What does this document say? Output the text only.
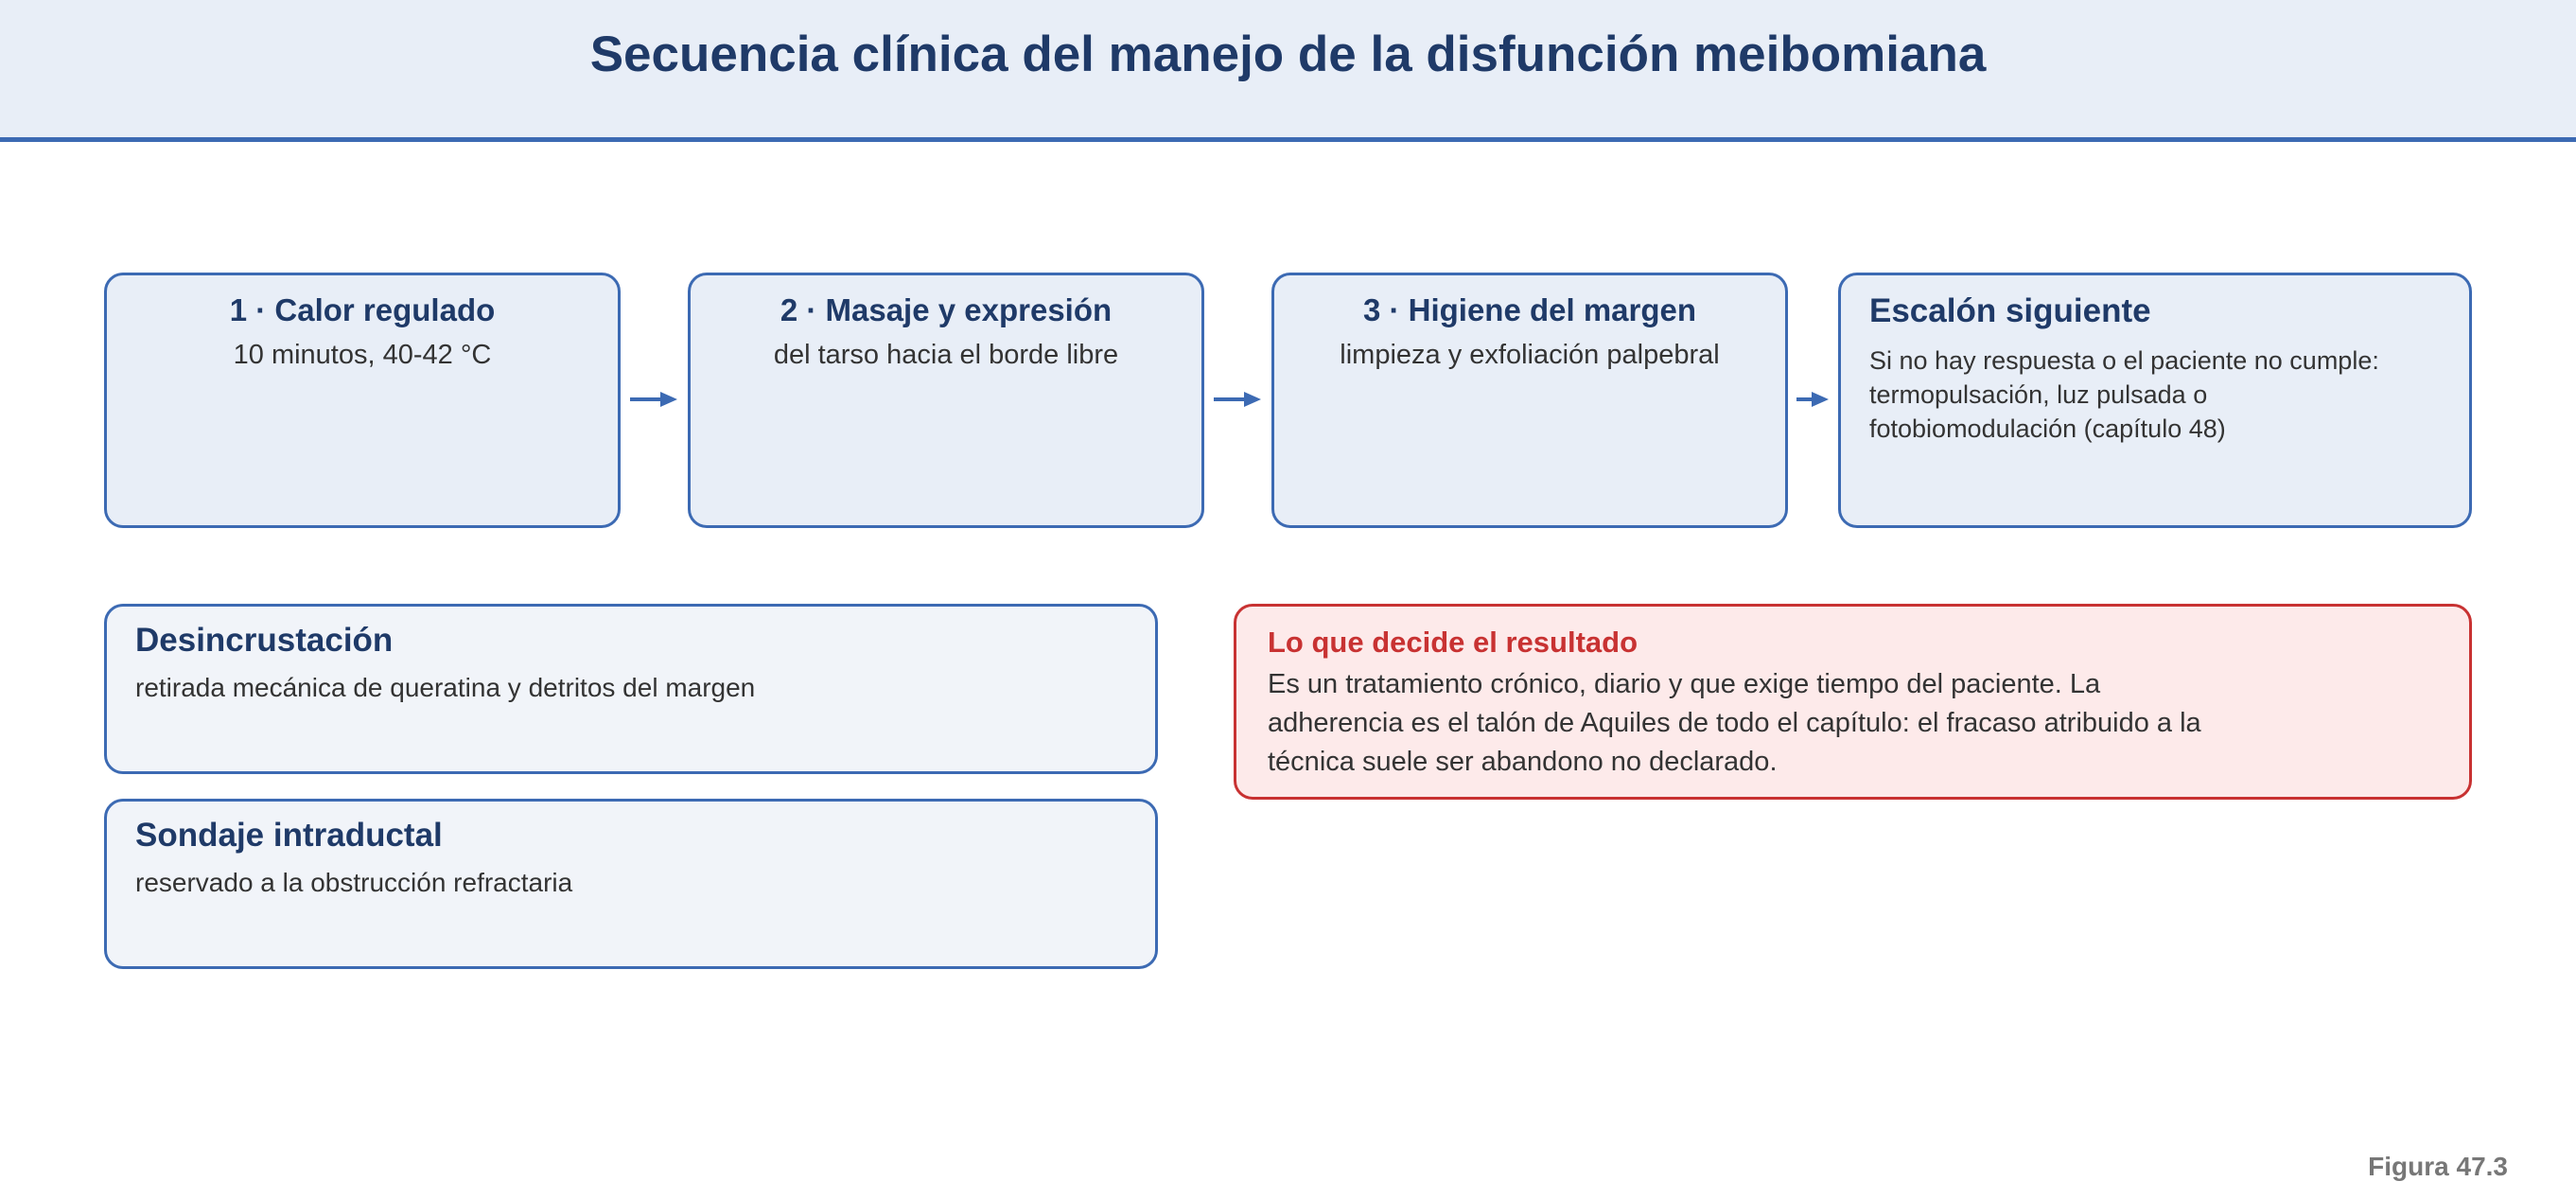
Secuencia clínica del manejo de la disfunción meibomiana
1 · Calor regulado
10 minutos, 40-42 °C
2 · Masaje y expresión
del tarso hacia el borde libre
3 · Higiene del margen
limpieza y exfoliación palpebral
Escalón siguiente
Si no hay respuesta o el paciente no cumple: termopulsación, luz pulsada o fotobiomodulación (capítulo 48)
Desincrustación
retirada mecánica de queratina y detritos del margen
Sondaje intraductal
reservado a la obstrucción refractaria
Lo que decide el resultado
Es un tratamiento crónico, diario y que exige tiempo del paciente. La adherencia es el talón de Aquiles de todo el capítulo: el fracaso atribuido a la técnica suele ser abandono no declarado.
Figura 47.3
